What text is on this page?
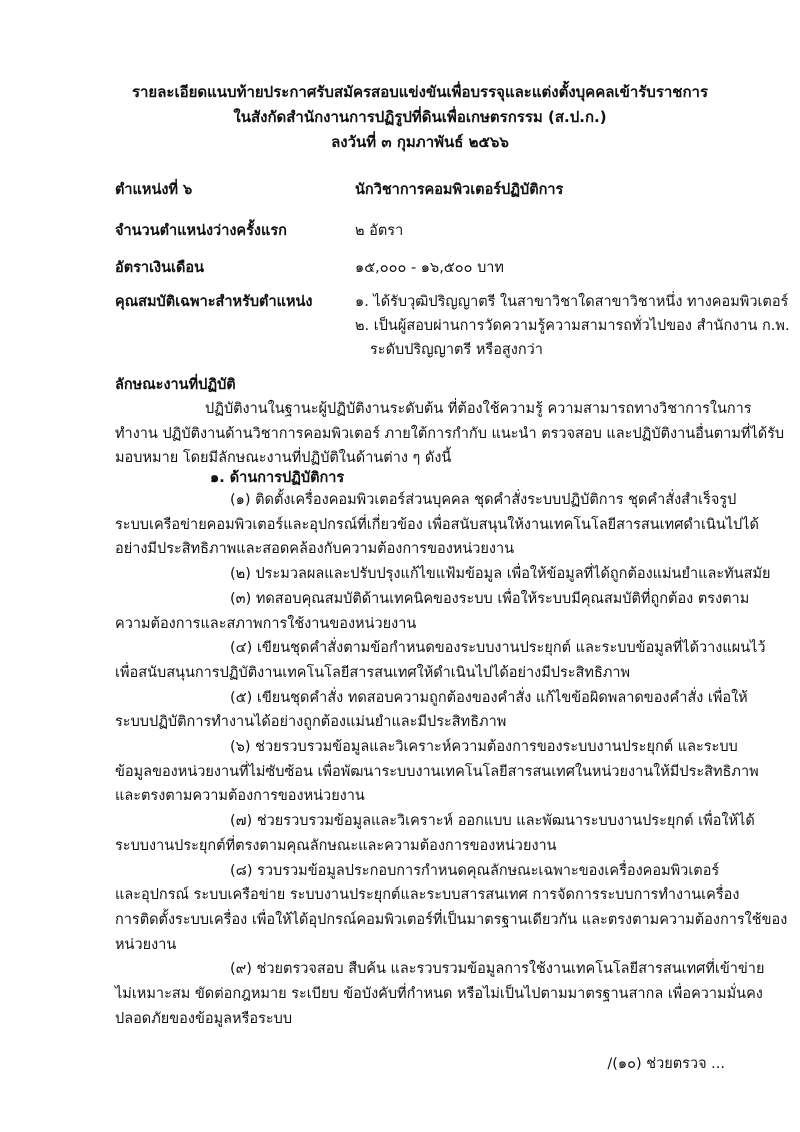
รายละเอียดแนบท้ายประกาศรับสมัครสอบแข่งขันเพื่อบรรจุและแต่งตั้งบุคคลเข้ารับราชการ
ในสังกัดสำนักงานการปฏิรูปที่ดินเพื่อเกษตรกรรม (ส.ป.ก.)
ลงวันที่ ๓ กุมภาพันธ์ ๒๕๖๖
ตำแหน่งที่ ๖	นักวิชาการคอมพิวเตอร์ปฏิบัติการ
จำนวนตำแหน่งว่างครั้งแรก	๒ อัตรา
อัตราเงินเดือน	๑๕,๐๐๐ - ๑๖,๕๐๐ บาท
คุณสมบัติเฉพาะสำหรับตำแหน่ง	๑. ได้รับวุฒิปริญญาตรี ในสาขาวิชาใดสาขาวิชาหนึ่ง ทางคอมพิวเตอร์
๒. เป็นผู้สอบผ่านการวัดความรู้ความสามารถทั่วไปของ สำนักงาน ก.พ.
ระดับปริญญาตรี หรือสูงกว่า
ลักษณะงานที่ปฏิบัติ
ปฏิบัติงานในฐานะผู้ปฏิบัติงานระดับต้น ที่ต้องใช้ความรู้ ความสามารถทางวิชาการในการ
ทำงาน ปฏิบัติงานด้านวิชาการคอมพิวเตอร์ ภายใต้การกำกับ แนะนำ ตรวจสอบ และปฏิบัติงานอื่นตามที่ได้รับ
มอบหมาย โดยมีลักษณะงานที่ปฏิบัติในด้านต่าง ๆ ดังนี้
๑. ด้านการปฏิบัติการ
(๑) ติดตั้งเครื่องคอมพิวเตอร์ส่วนบุคคล ชุดคำสั่งระบบปฏิบัติการ ชุดคำสั่งสำเร็จรูป
ระบบเครือข่ายคอมพิวเตอร์และอุปกรณ์ที่เกี่ยวข้อง เพื่อสนับสนุนให้งานเทคโนโลยีสารสนเทศดำเนินไปได้
อย่างมีประสิทธิภาพและสอดคล้องกับความต้องการของหน่วยงาน
(๒) ประมวลผลและปรับปรุงแก้ไขแฟ้มข้อมูล เพื่อให้ข้อมูลที่ได้ถูกต้องแม่นยำและทันสมัย
(๓) ทดสอบคุณสมบัติด้านเทคนิคของระบบ เพื่อให้ระบบมีคุณสมบัติที่ถูกต้อง ตรงตาม
ความต้องการและสภาพการใช้งานของหน่วยงาน
(๔) เขียนชุดคำสั่งตามข้อกำหนดของระบบงานประยุกต์ และระบบข้อมูลที่ได้วางแผนไว้
เพื่อสนับสนุนการปฏิบัติงานเทคโนโลยีสารสนเทศให้ดำเนินไปได้อย่างมีประสิทธิภาพ
(๕) เขียนชุดคำสั่ง ทดสอบความถูกต้องของคำสั่ง แก้ไขข้อผิดพลาดของคำสั่ง เพื่อให้
ระบบปฏิบัติการทำงานได้อย่างถูกต้องแม่นยำและมีประสิทธิภาพ
(๖) ช่วยรวบรวมข้อมูลและวิเคราะห์ความต้องการของระบบงานประยุกต์ และระบบ
ข้อมูลของหน่วยงานที่ไม่ซับซ้อน เพื่อพัฒนาระบบงานเทคโนโลยีสารสนเทศในหน่วยงานให้มีประสิทธิภาพ
และตรงตามความต้องการของหน่วยงาน
(๗) ช่วยรวบรวมข้อมูลและวิเคราะห์ ออกแบบ และพัฒนาระบบงานประยุกต์ เพื่อให้ได้
ระบบงานประยุกต์ที่ตรงตามคุณลักษณะและความต้องการของหน่วยงาน
(๘) รวบรวมข้อมูลประกอบการกำหนดคุณลักษณะเฉพาะของเครื่องคอมพิวเตอร์
และอุปกรณ์ ระบบเครือข่าย ระบบงานประยุกต์และระบบสารสนเทศ การจัดการระบบการทำงานเครื่อง
การติดตั้งระบบเครื่อง เพื่อให้ได้อุปกรณ์คอมพิวเตอร์ที่เป็นมาตรฐานเดียวกัน และตรงตามความต้องการใช้ของ
หน่วยงาน
(๙) ช่วยตรวจสอบ สืบค้น และรวบรวมข้อมูลการใช้งานเทคโนโลยีสารสนเทศที่เข้าข่าย
ไม่เหมาะสม ขัดต่อกฎหมาย ระเบียบ ข้อบังคับที่กำหนด หรือไม่เป็นไปตามมาตรฐานสากล เพื่อความมั่นคง
ปลอดภัยของข้อมูลหรือระบบ
/(๑๐) ช่วยตรวจ ...
